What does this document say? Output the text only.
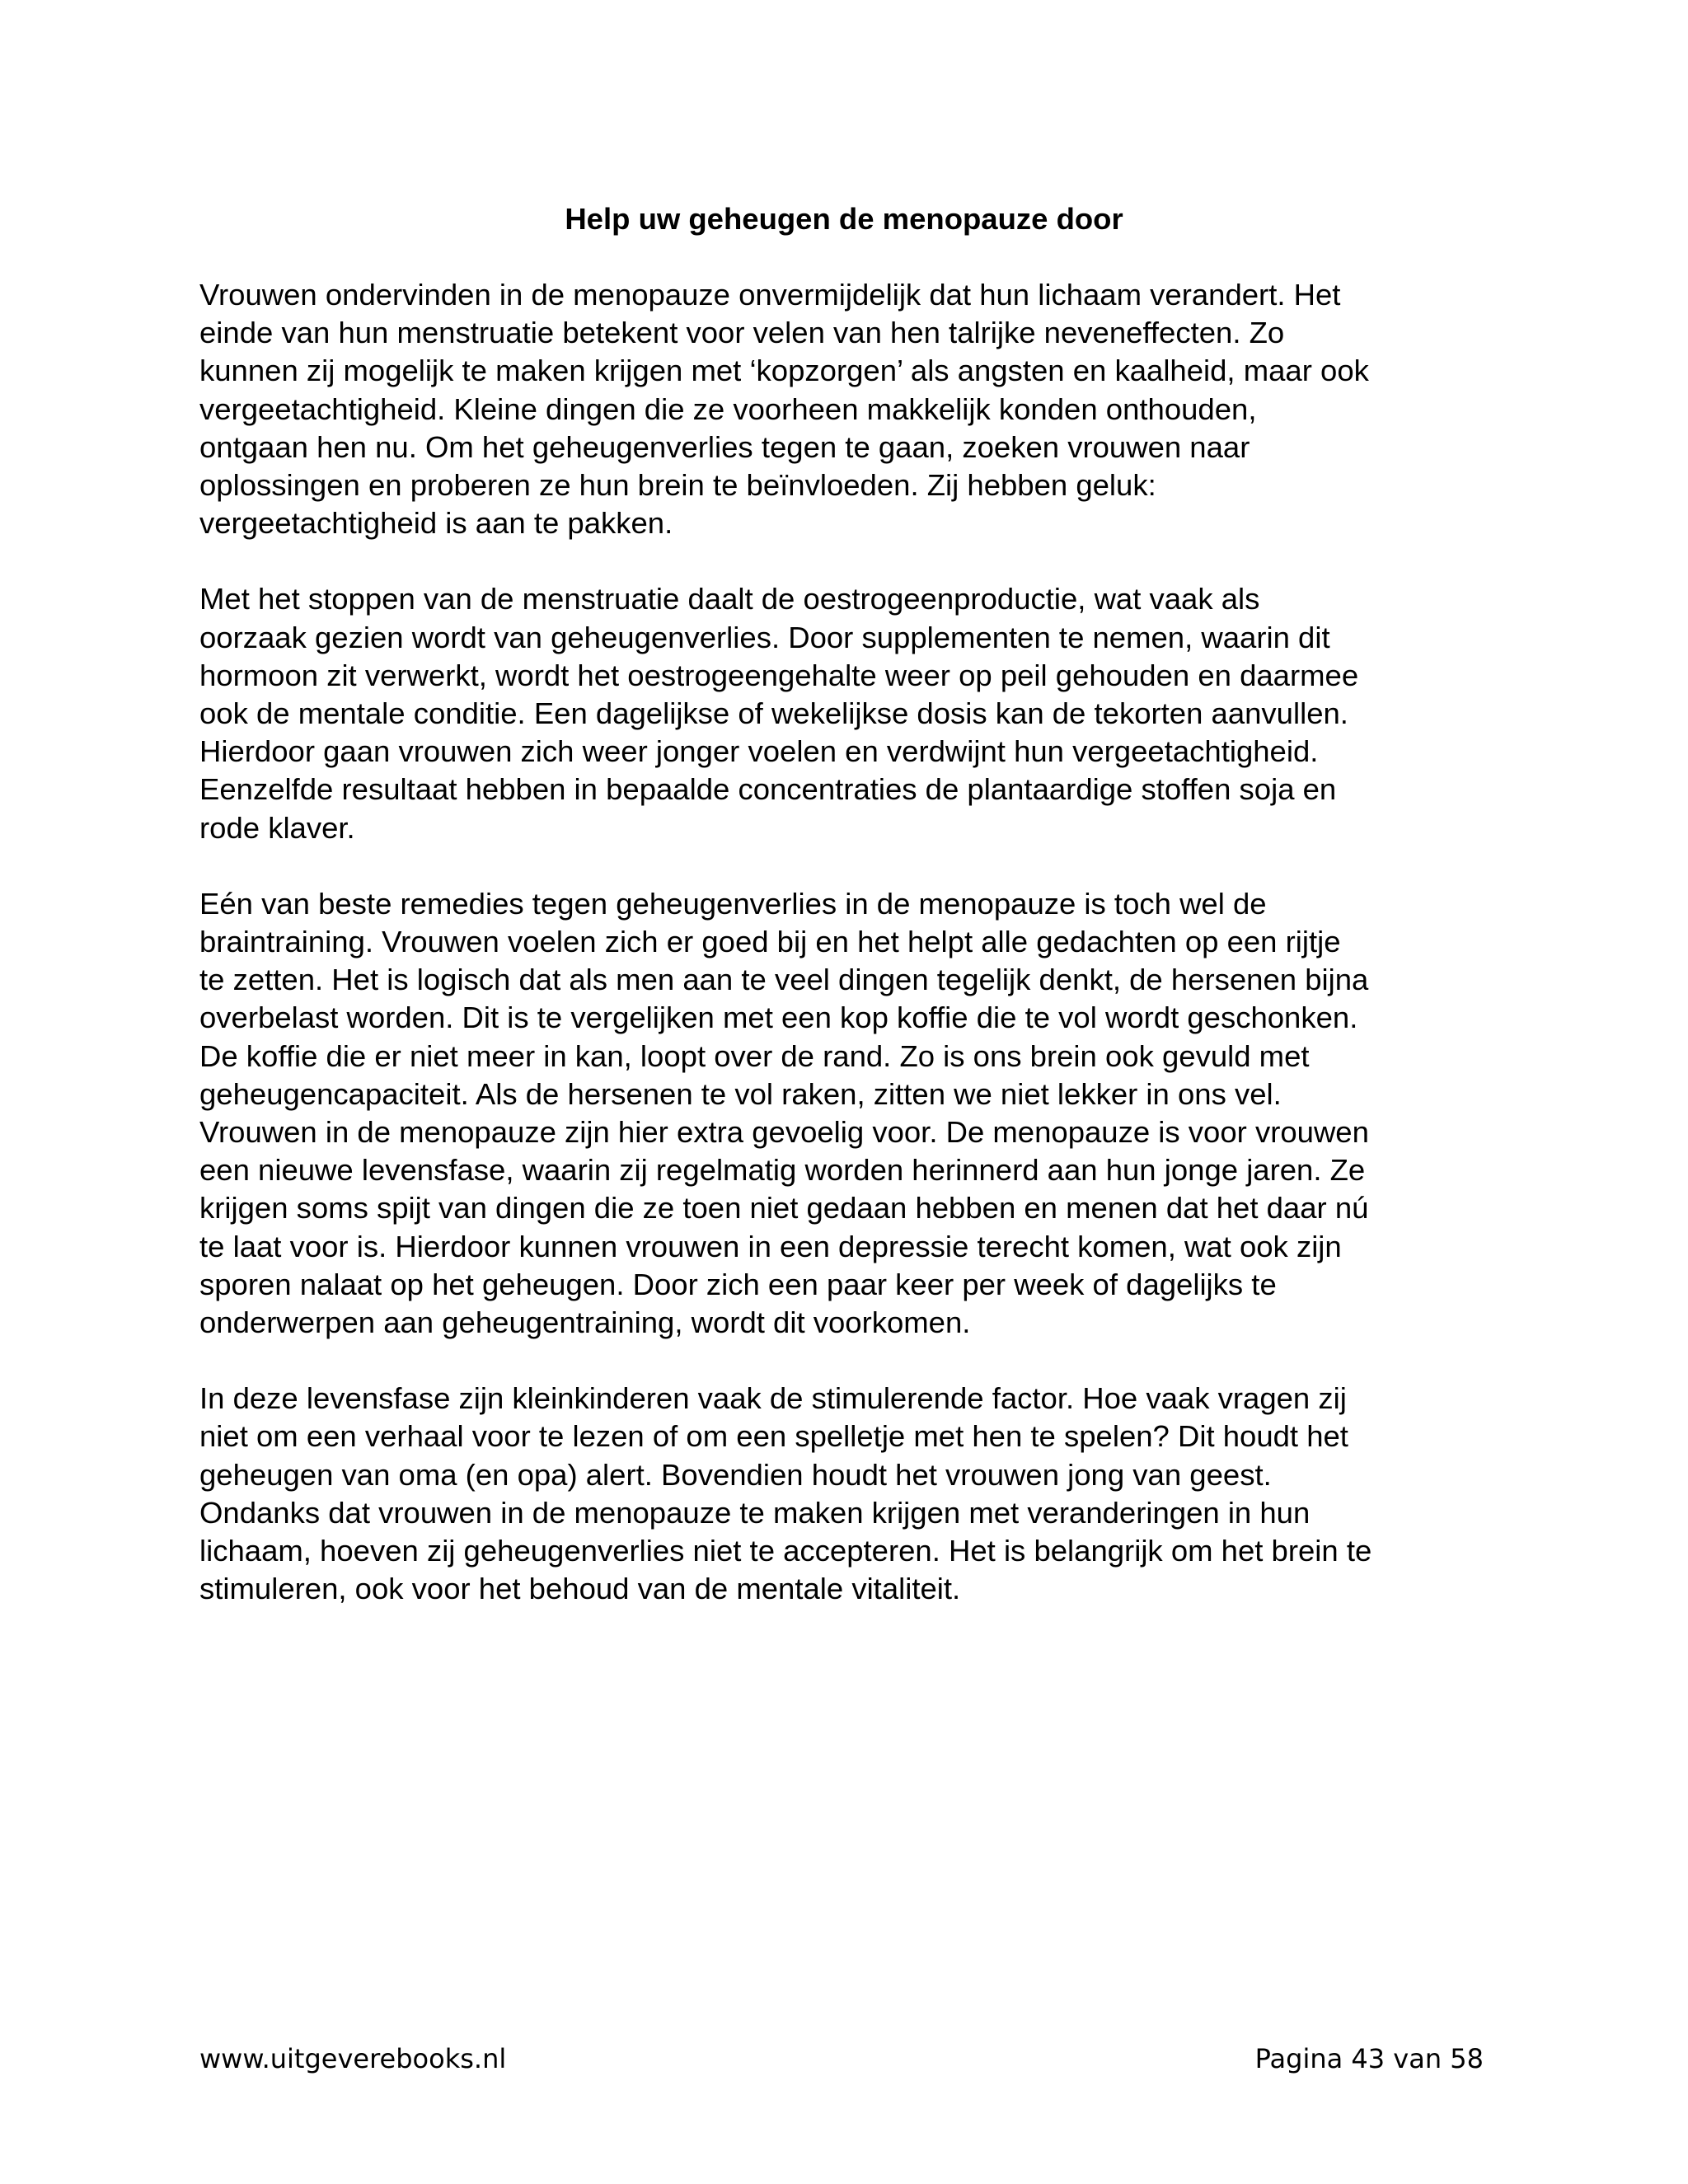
Help uw geheugen de menopauze door

Vrouwen ondervinden in de menopauze onvermijdelijk dat hun lichaam verandert. Het
einde van hun menstruatie betekent voor velen van hen talrijke neveneffecten. Zo
kunnen zij mogelijk te maken krijgen met ‘kopzorgen’ als angsten en kaalheid, maar ook
vergeetachtigheid. Kleine dingen die ze voorheen makkelijk konden onthouden,
ontgaan hen nu. Om het geheugenverlies tegen te gaan, zoeken vrouwen naar
oplossingen en proberen ze hun brein te beïnvloeden. Zij hebben geluk:
vergeetachtigheid is aan te pakken.

Met het stoppen van de menstruatie daalt de oestrogeenproductie, wat vaak als
oorzaak gezien wordt van geheugenverlies. Door supplementen te nemen, waarin dit
hormoon zit verwerkt, wordt het oestrogeengehalte weer op peil gehouden en daarmee
ook de mentale conditie. Een dagelijkse of wekelijkse dosis kan de tekorten aanvullen.
Hierdoor gaan vrouwen zich weer jonger voelen en verdwijnt hun vergeetachtigheid.
Eenzelfde resultaat hebben in bepaalde concentraties de plantaardige stoffen soja en
rode klaver.

Eén van beste remedies tegen geheugenverlies in de menopauze is toch wel de
braintraining. Vrouwen voelen zich er goed bij en het helpt alle gedachten op een rijtje
te zetten. Het is logisch dat als men aan te veel dingen tegelijk denkt, de hersenen bijna
overbelast worden. Dit is te vergelijken met een kop koffie die te vol wordt geschonken.
De koffie die er niet meer in kan, loopt over de rand. Zo is ons brein ook gevuld met
geheugencapaciteit. Als de hersenen te vol raken, zitten we niet lekker in ons vel.
Vrouwen in de menopauze zijn hier extra gevoelig voor. De menopauze is voor vrouwen
een nieuwe levensfase, waarin zij regelmatig worden herinnerd aan hun jonge jaren. Ze
krijgen soms spijt van dingen die ze toen niet gedaan hebben en menen dat het daar nú
te laat voor is. Hierdoor kunnen vrouwen in een depressie terecht komen, wat ook zijn
sporen nalaat op het geheugen. Door zich een paar keer per week of dagelijks te
onderwerpen aan geheugentraining, wordt dit voorkomen.

In deze levensfase zijn kleinkinderen vaak de stimulerende factor. Hoe vaak vragen zij
niet om een verhaal voor te lezen of om een spelletje met hen te spelen? Dit houdt het
geheugen van oma (en opa) alert. Bovendien houdt het vrouwen jong van geest.
Ondanks dat vrouwen in de menopauze te maken krijgen met veranderingen in hun
lichaam, hoeven zij geheugenverlies niet te accepteren. Het is belangrijk om het brein te
stimuleren, ook voor het behoud van de mentale vitaliteit.

www.uitgeverebooks.nl	Pagina 43 van 58
